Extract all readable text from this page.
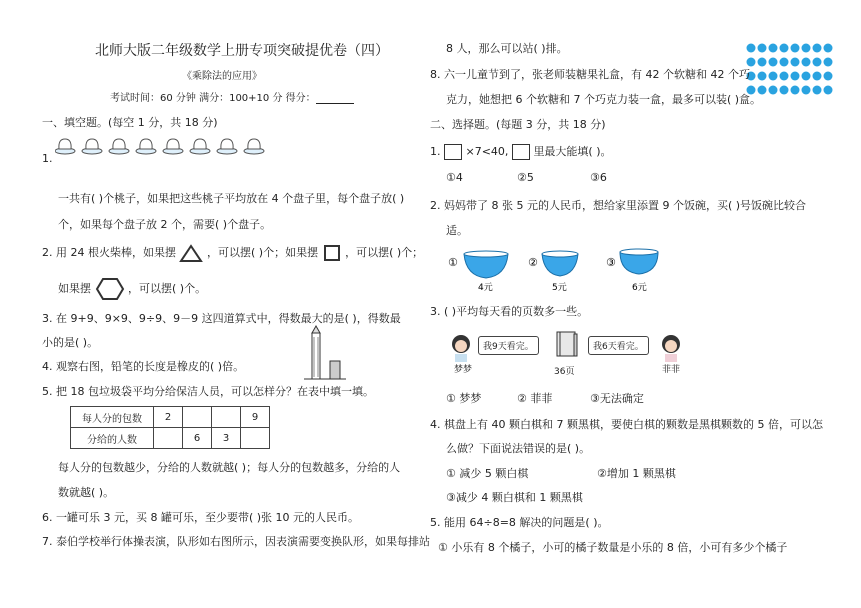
北师大版二年级数学上册专项突破提优卷（四）
《乘除法的应用》
考试时间：60 分钟 满分：100+10 分 得分：
一、填空题。(每空 1 分，共 18 分)
1.
一共有( )个桃子，如果把这些桃子平均放在 4 个盘子里，每个盘子放( )
个，如果每个盘子放 2 个，需要( )个盘子。
2. 用 24 根火柴棒，如果摆	，可以摆( )个；如果摆 ，可以摆( )个；
如果摆	，可以摆( )个。
3. 在 9+9、9×9、9÷9、9－9 这四道算式中，得数最大的是( )，得数最
小的是( )。
4. 观察右图，铅笔的长度是橡皮的( )倍。
5. 把 18 包垃圾袋平均分给保洁人员，可以怎样分？在表中填一填。
每人分的包数	2			9
分给的人数		6	3	
每人分的包数越少，分给的人数就越( )；每人分的包数越多，分给的人
数就越( )。
6. 一罐可乐 3 元，买 8 罐可乐，至少要带( )张 10 元的人民币。
7. 泰伯学校举行体操表演，队形如右图所示，因表演需要变换队形，如果每排站
8 人，那么可以站( )排。
8. 六一儿童节到了，张老师装糖果礼盒，有 42 个软糖和 42 个巧
克力，她想把 6 个软糖和 7 个巧克力装一盒，最多可以装( )盒。
二、选择题。(每题 3 分，共 18 分)
1. ×7<40, 里最大能填( )。
①4	②5	③6
2. 妈妈带了 8 张 5 元的人民币，想给家里添置 9 个饭碗，买( )号饭碗比较合
适。
①
4元
②
5元
③
6元
3. ( )平均每天看的页数多一些。
我9天看完。	我6天看完。
梦梦	36页	菲菲
① 梦梦	② 菲菲	③无法确定
4. 棋盘上有 40 颗白棋和 7 颗黑棋，要使白棋的颗数是黑棋颗数的 5 倍，可以怎
么做？下面说法错误的是( )。
① 减少 5 颗白棋	②增加 1 颗黑棋
③减少 4 颗白棋和 1 颗黑棋
5. 能用 64÷8=8 解决的问题是( )。
① 小乐有 8 个橘子，小可的橘子数量是小乐的 8 倍，小可有多少个橘子
